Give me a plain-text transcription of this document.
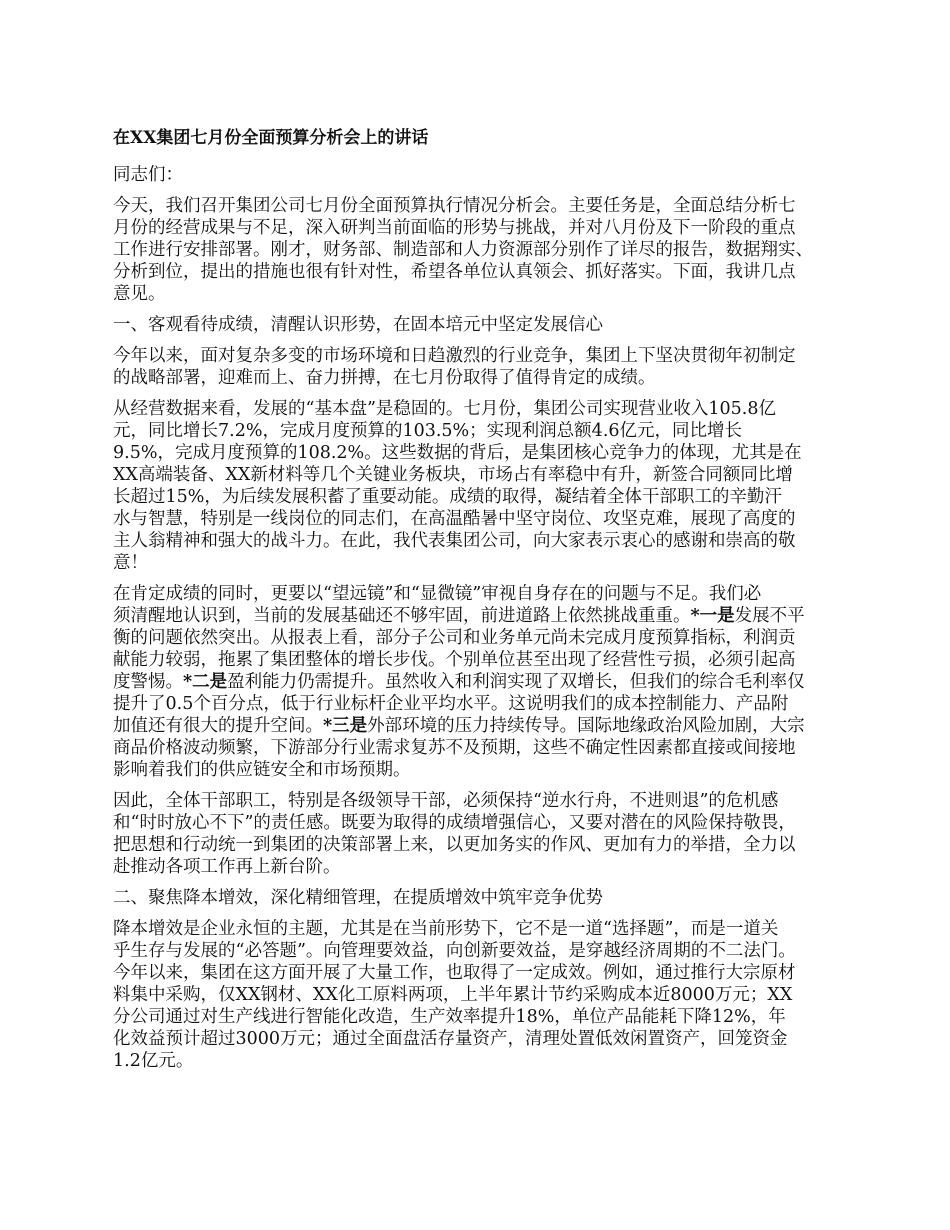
在XX集团七月份全面预算分析会上的讲话
同志们：
今天，我们召开集团公司七月份全面预算执行情况分析会。主要任务是，全面总结分析七
月份的经营成果与不足，深入研判当前面临的形势与挑战，并对八月份及下一阶段的重点
工作进行安排部署。刚才，财务部、制造部和人力资源部分别作了详尽的报告，数据翔实、
分析到位，提出的措施也很有针对性，希望各单位认真领会、抓好落实。下面，我讲几点
意见。
一、客观看待成绩，清醒认识形势，在固本培元中坚定发展信心
今年以来，面对复杂多变的市场环境和日趋激烈的行业竞争，集团上下坚决贯彻年初制定
的战略部署，迎难而上、奋力拼搏，在七月份取得了值得肯定的成绩。
从经营数据来看，发展的“基本盘”是稳固的。七月份，集团公司实现营业收入105.8亿
元，同比增长7.2%，完成月度预算的103.5%；实现利润总额4.6亿元，同比增长
9.5%，完成月度预算的108.2%。这些数据的背后，是集团核心竞争力的体现，尤其是在
XX高端装备、XX新材料等几个关键业务板块，市场占有率稳中有升，新签合同额同比增
长超过15%，为后续发展积蓄了重要动能。成绩的取得，凝结着全体干部职工的辛勤汗
水与智慧，特别是一线岗位的同志们，在高温酷暑中坚守岗位、攻坚克难，展现了高度的
主人翁精神和强大的战斗力。在此，我代表集团公司，向大家表示衷心的感谢和崇高的敬
意！
在肯定成绩的同时，更要以“望远镜”和“显微镜”审视自身存在的问题与不足。我们必
须清醒地认识到，当前的发展基础还不够牢固，前进道路上依然挑战重重。*一是发展不平
衡的问题依然突出。从报表上看，部分子公司和业务单元尚未完成月度预算指标，利润贡
献能力较弱，拖累了集团整体的增长步伐。个别单位甚至出现了经营性亏损，必须引起高
度警惕。*二是盈利能力仍需提升。虽然收入和利润实现了双增长，但我们的综合毛利率仅
提升了0.5个百分点，低于行业标杆企业平均水平。这说明我们的成本控制能力、产品附
加值还有很大的提升空间。*三是外部环境的压力持续传导。国际地缘政治风险加剧，大宗
商品价格波动频繁，下游部分行业需求复苏不及预期，这些不确定性因素都直接或间接地
影响着我们的供应链安全和市场预期。
因此，全体干部职工，特别是各级领导干部，必须保持“逆水行舟，不进则退”的危机感
和“时时放心不下”的责任感。既要为取得的成绩增强信心，又要对潜在的风险保持敬畏，
把思想和行动统一到集团的决策部署上来，以更加务实的作风、更加有力的举措，全力以
赴推动各项工作再上新台阶。
二、聚焦降本增效，深化精细管理，在提质增效中筑牢竞争优势
降本增效是企业永恒的主题，尤其是在当前形势下，它不是一道“选择题”，而是一道关
乎生存与发展的“必答题”。向管理要效益，向创新要效益，是穿越经济周期的不二法门。
今年以来，集团在这方面开展了大量工作，也取得了一定成效。例如，通过推行大宗原材
料集中采购，仅XX钢材、XX化工原料两项，上半年累计节约采购成本近8000万元；XX
分公司通过对生产线进行智能化改造，生产效率提升18%，单位产品能耗下降12%，年
化效益预计超过3000万元；通过全面盘活存量资产，清理处置低效闲置资产，回笼资金
1.2亿元。
